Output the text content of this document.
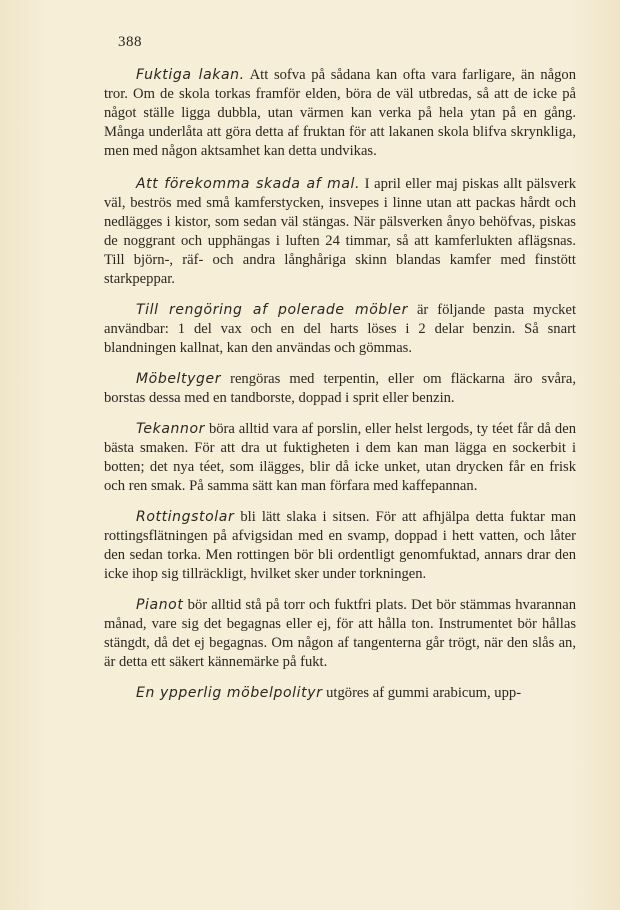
388

Fuktiga lakan. Att sofva på sådana kan ofta vara farligare, än någon tror. Om de skola torkas framför elden, böra de väl utbredas, så att de icke på något ställe ligga dubbla, utan värmen kan verka på hela ytan på en gång. Många underlåta att göra detta af fruktan för att lakanen skola blifva skrynkliga, men med någon aktsamhet kan detta undvikas.

Att förekomma skada af mal. I april eller maj piskas allt pälsverk väl, beströs med små kamferstycken, insvepes i linne utan att packas hårdt och nedlägges i kistor, som sedan väl stängas. När pälsverken ånyo behöfvas, piskas de noggrant och upphängas i luften 24 timmar, så att kamferlukten aflägsnas. Till björn-, räf- och andra långhåriga skinn blandas kamfer med finstött starkpeppar.

Till rengöring af polerade möbler är följande pasta mycket användbar: 1 del vax och en del harts löses i 2 delar benzin. Så snart blandningen kallnat, kan den användas och gömmas.

Möbeltyger rengöras med terpentin, eller om fläckarna äro svåra, borstas dessa med en tandborste, doppad i sprit eller benzin.

Tekannor böra alltid vara af porslin, eller helst lergods, ty téet får då den bästa smaken. För att dra ut fuktigheten i dem kan man lägga en sockerbit i botten; det nya téet, som iläggeѕ, blir då icke unket, utan drycken får en frisk och ren smak. På samma sätt kan man förfara med kaffepannan.

Rottingstolar bli lätt slaka i sitsen. För att afhjälpa detta fuktar man rottingsflätningen på afvigsidan med en svamp, doppad i hett vatten, och låter den sedan torka. Men rottingen bör bli ordentligt genomfuktad, annars drar den icke ihop sig tillräckligt, hvilket sker under torkningen.

Pianot bör alltid stå på torr och fuktfri plats. Det bör stämmas hvarannan månad, vare sig det begagnas eller ej, för att hålla ton. Instrumentet bör hållas stängdt, då det ej begagnas. Om någon af tangenterna går trögt, när den slås an, är detta ett säkert kännemärke på fukt.

En ypperlig möbelpolityr utgöres af gummi arabicum, upp-
